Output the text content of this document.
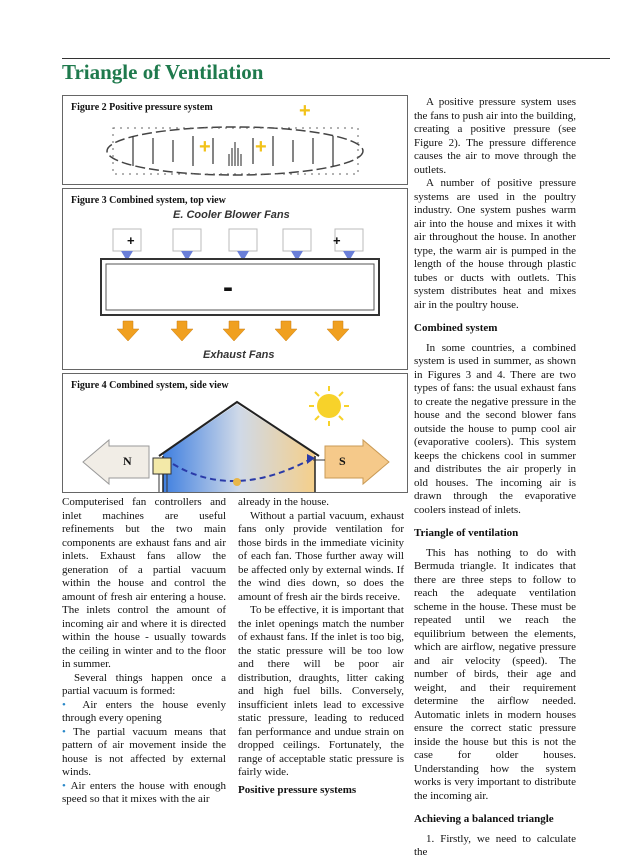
Triangle of Ventilation
Figure 2 Positive pressure system	+
+ +
Figure 3 Combined system, top view
E. Cooler Blower Fans
+	+
-
Exhaust Fans
Figure 4 Combined system, side view
N	S

Computerised fan controllers and inlet machines are useful refinements but the two main components are exhaust fans and air inlets. Exhaust fans allow the generation of a partial vacuum within the house and control the amount of fresh air entering a house. The inlets control the amount of incoming air and where it is directed within the house - usually towards the ceiling in winter and to the floor in summer.

Several things happen once a partial vacuum is formed:

• Air enters the house evenly through every opening

• The partial vacuum means that pattern of air movement inside the house is not affected by external winds.

• Air enters the house with enough speed so that it mixes with the air

already in the house.

Without a partial vacuum, exhaust fans only provide ventilation for those birds in the immediate vicinity of each fan. Those further away will be affected only by external winds. If the wind dies down, so does the amount of fresh air the birds receive.

To be effective, it is important that the inlet openings match the number of exhaust fans. If the inlet is too big, the static pressure will be too low and there will be poor air distribution, draughts, litter caking and high fuel bills. Conversely, insufficient inlets lead to excessive static pressure, leading to reduced fan performance and undue strain on dropped ceilings. Fortunately, the range of acceptable static pressure is fairly wide.

Positive pressure systems

A positive pressure system uses the fans to push air into the building, creating a positive pressure (see Figure 2). The pressure difference causes the air to move through the outlets.

A number of positive pressure systems are used in the poultry industry. One system pushes warm air into the house and mixes it with air throughout the house. In another type, the warm air is pumped in the length of the house through plastic tubes or ducts with outlets. This system distributes heat and mixes air in the poultry house.

Combined system

In some countries, a combined system is used in summer, as shown in Figures 3 and 4. There are two types of fans: the usual exhaust fans to create the negative pressure in the house and the second blower fans outside the house to pump cool air (evaporative coolers). This system keeps the chickens cool in summer and distributes the air properly in old houses. The incoming air is drawn through the evaporative coolers instead of inlets.

Triangle of ventilation

This has nothing to do with Bermuda triangle. It indicates that there are three steps to follow to reach the adequate ventilation scheme in the house. These must be repeated until we reach the equilibrium between the elements, which are airflow, negative pressure and air velocity (speed). The number of birds, their age and weight, and their requirement determine the airflow needed. Automatic inlets in modern houses ensure the correct static pressure inside the house but this is not the case for older houses. Understanding how the system works is very important to distribute the incoming air.

Achieving a balanced triangle

1. Firstly, we need to calculate the
